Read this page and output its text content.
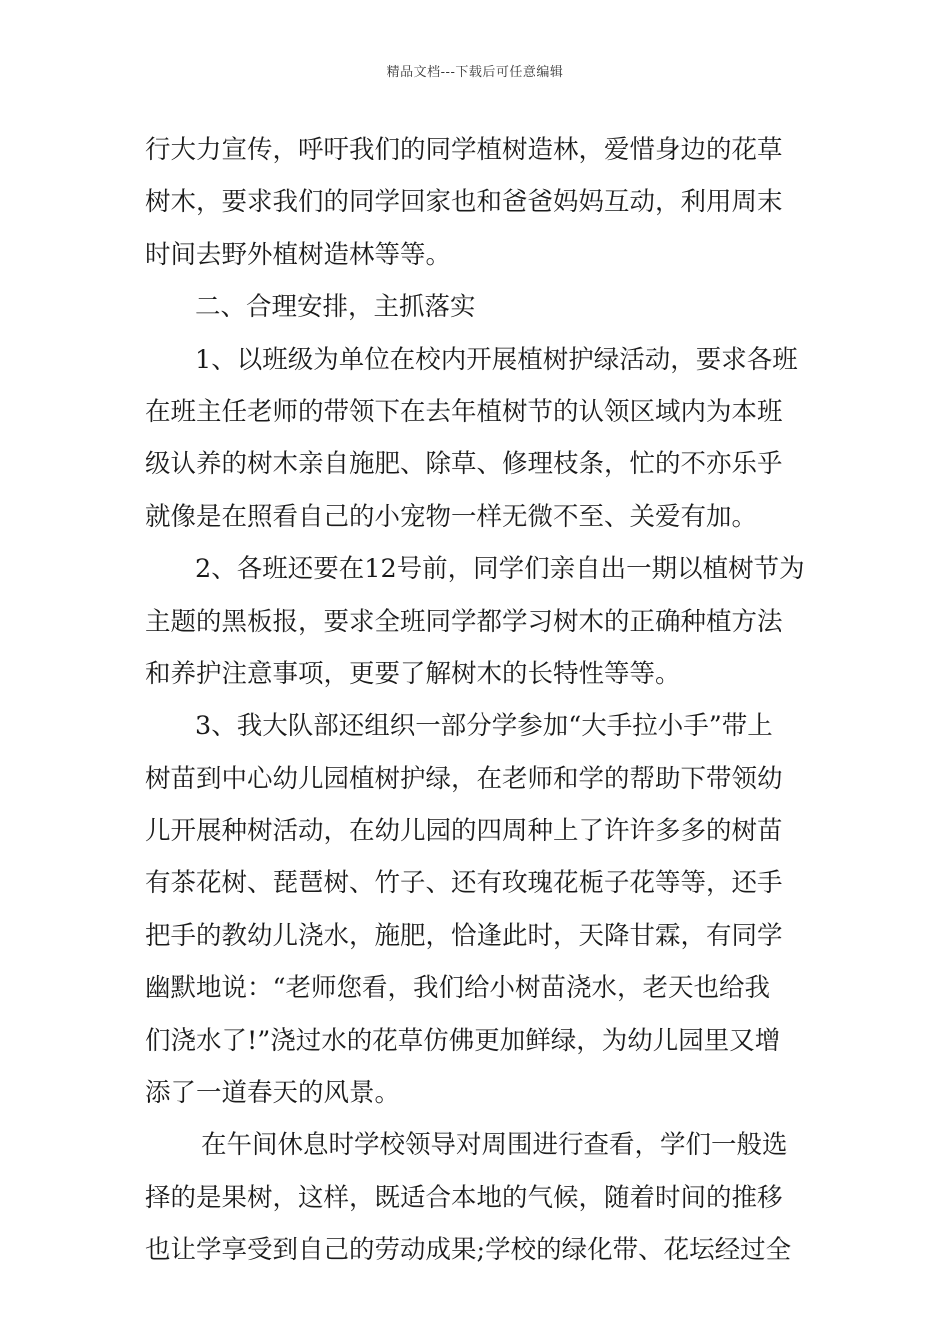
精品文档---下载后可任意编辑
行大力宣传，呼吁我们的同学植树造林，爱惜身边的花草
树木，要求我们的同学回家也和爸爸妈妈互动，利用周末
时间去野外植树造林等等。
二、合理安排，主抓落实
1、以班级为单位在校内开展植树护绿活动，要求各班
在班主任老师的带领下在去年植树节的认领区域内为本班
级认养的树木亲自施肥、除草、修理枝条，忙的不亦乐乎
就像是在照看自己的小宠物一样无微不至、关爱有加。
2、各班还要在12号前，同学们亲自出一期以植树节为
主题的黑板报，要求全班同学都学习树木的正确种植方法
和养护注意事项，更要了解树木的长特性等等。
3、我大队部还组织一部分学参加“大手拉小手”带上
树苗到中心幼儿园植树护绿，在老师和学的帮助下带领幼
儿开展种树活动，在幼儿园的四周种上了许许多多的树苗
有茶花树、琵琶树、竹子、还有玫瑰花栀子花等等，还手
把手的教幼儿浇水，施肥，恰逢此时，天降甘霖，有同学
幽默地说：“老师您看，我们给小树苗浇水，老天也给我
们浇水了!”浇过水的花草仿佛更加鲜绿，为幼儿园里又增
添了一道春天的风景。
在午间休息时学校领导对周围进行查看，学们一般选
择的是果树，这样，既适合本地的气候，随着时间的推移
也让学享受到自己的劳动成果;学校的绿化带、花坛经过全
